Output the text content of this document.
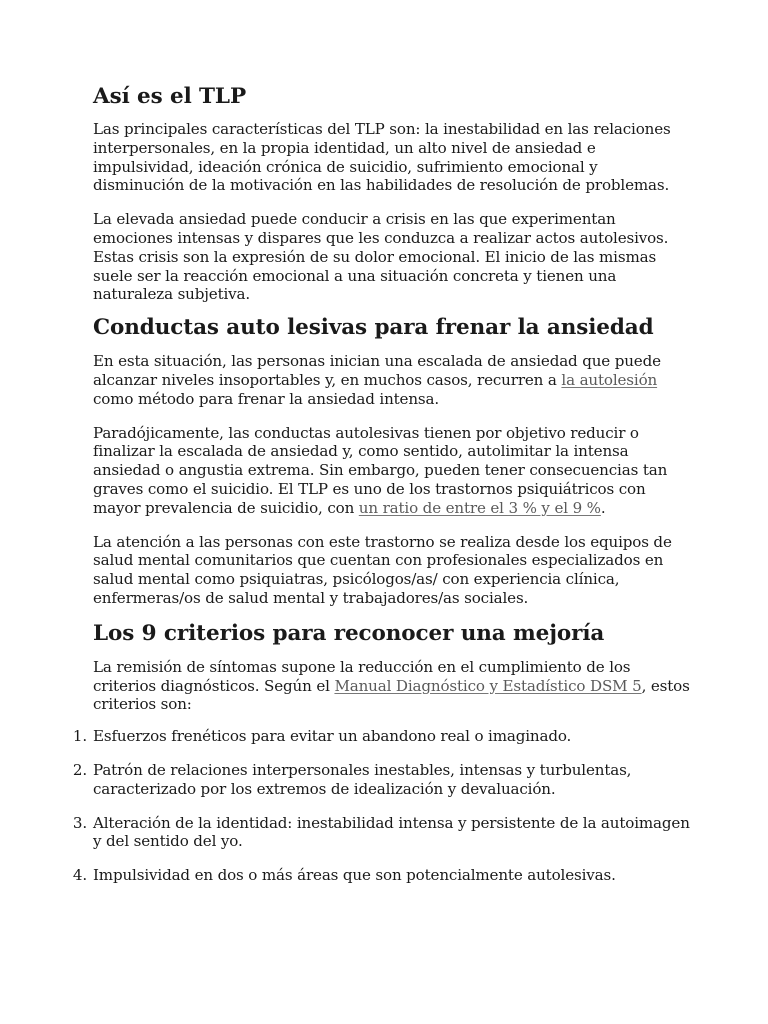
Así es el TLP

Las principales características del TLP son: la inestabilidad en las relaciones interpersonales, en la propia identidad, un alto nivel de ansiedad e impulsividad, ideación crónica de suicidio, sufrimiento emocional y disminución de la motivación en las habilidades de resolución de problemas.

La elevada ansiedad puede conducir a crisis en las que experimentan emociones intensas y dispares que les conduzca a realizar actos autolesivos. Estas crisis son la expresión de su dolor emocional. El inicio de las mismas suele ser la reacción emocional a una situación concreta y tienen una naturaleza subjetiva.

Conductas auto lesivas para frenar la ansiedad

En esta situación, las personas inician una escalada de ansiedad que puede alcanzar niveles insoportables y, en muchos casos, recurren a la autolesión como método para frenar la ansiedad intensa.

Paradójicamente, las conductas autolesivas tienen por objetivo reducir o finalizar la escalada de ansiedad y, como sentido, autolimitar la intensa ansiedad o angustia extrema. Sin embargo, pueden tener consecuencias tan graves como el suicidio. El TLP es uno de los trastornos psiquiátricos con mayor prevalencia de suicidio, con un ratio de entre el 3 % y el 9 %.

La atención a las personas con este trastorno se realiza desde los equipos de salud mental comunitarios que cuentan con profesionales especializados en salud mental como psiquiatras, psicólogos/as/ con experiencia clínica, enfermeras/os de salud mental y trabajadores/as sociales.

Los 9 criterios para reconocer una mejoría

La remisión de síntomas supone la reducción en el cumplimiento de los criterios diagnósticos. Según el Manual Diagnóstico y Estadístico DSM 5, estos criterios son:

1. Esfuerzos frenéticos para evitar un abandono real o imaginado.
2. Patrón de relaciones interpersonales inestables, intensas y turbulentas, caracterizado por los extremos de idealización y devaluación.
3. Alteración de la identidad: inestabilidad intensa y persistente de la autoimagen y del sentido del yo.
4. Impulsividad en dos o más áreas que son potencialmente autolesivas.
